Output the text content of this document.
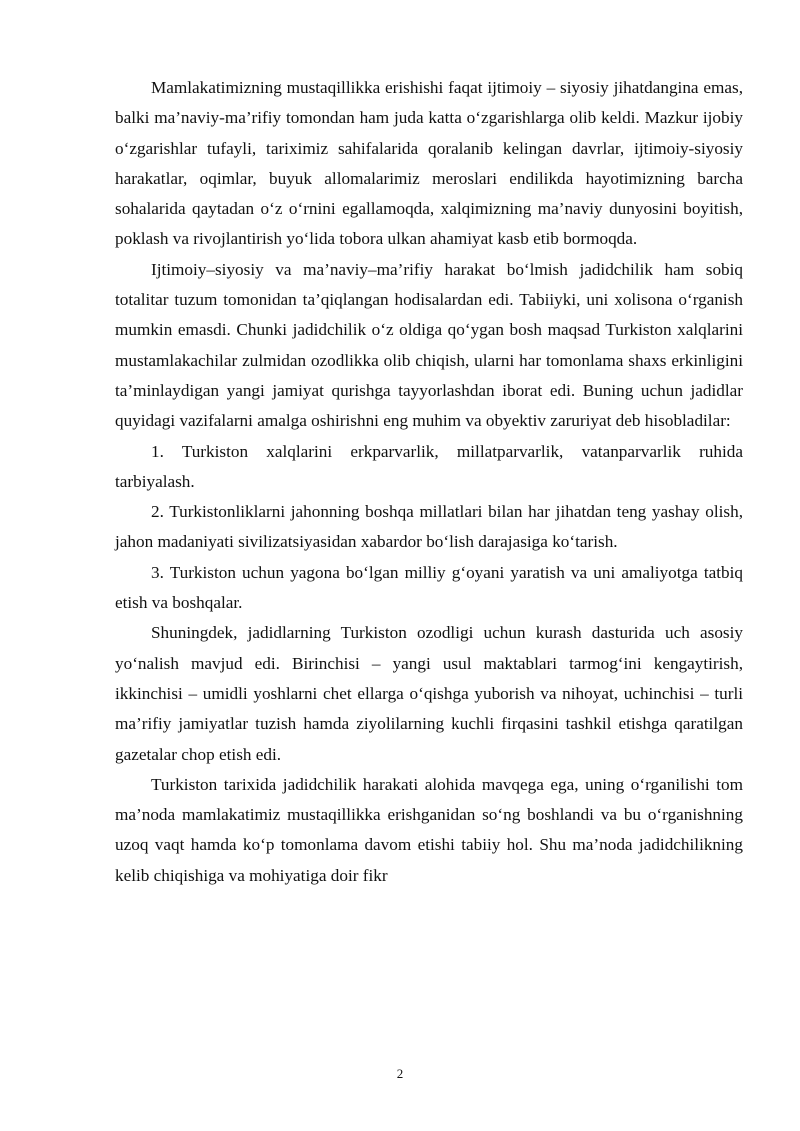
Mamlakatimizning mustaqillikka erishishi faqat ijtimoiy – siyosiy jihatdangina emas, balki ma’naviy-ma’rifiy tomondan ham juda katta o‘zgarishlarga olib keldi. Mazkur ijobiy o‘zgarishlar tufayli, tariximiz sahifalarida qoralanib kelingan davrlar, ijtimoiy-siyosiy harakatlar, oqimlar, buyuk allomalarimiz meroslari endilikda hayotimizning barcha sohalarida qaytadan o‘z o‘rnini egallamoqda, xalqimizning ma’naviy dunyosini boyitish, poklash va rivojlantirish yo‘lida tobora ulkan ahamiyat kasb etib bormoqda.

Ijtimoiy–siyosiy va ma’naviy–ma’rifiy harakat bo‘lmish jadidchilik ham sobiq totalitar tuzum tomonidan ta’qiqlangan hodisalardan edi. Tabiiyki, uni xolisona o‘rganish mumkin emasdi. Chunki jadidchilik o‘z oldiga qo‘ygan bosh maqsad Turkiston xalqlarini mustamlakachilar zulmidan ozodlikka olib chiqish, ularni har tomonlama shaxs erkinligini ta’minlaydigan yangi jamiyat qurishga tayyorlashdan iborat edi. Buning uchun jadidlar quyidagi vazifalarni amalga oshirishni eng muhim va obyektiv zaruriyat deb hisobladilar:

1. Turkiston xalqlarini erkparvarlik, millatparvarlik, vatanparvarlik ruhida tarbiyalash.

2. Turkistonliklarni jahonning boshqa millatlari bilan har jihatdan teng yashay olish, jahon madaniyati sivilizatsiyasidan xabardor bo‘lish darajasiga ko‘tarish.

3. Turkiston uchun yagona bo‘lgan milliy g‘oyani yaratish va uni amaliyotga tatbiq etish va boshqalar.

Shuningdek, jadidlarning Turkiston ozodligi uchun kurash dasturida uch asosiy yo‘nalish mavjud edi. Birinchisi – yangi usul maktablari tarmog‘ini kengaytirish, ikkinchisi – umidli yoshlarni chet ellarga o‘qishga yuborish va nihoyat, uchinchisi – turli ma’rifiy jamiyatlar tuzish hamda ziyolilarning kuchli firqasini tashkil etishga qaratilgan gazetalar chop etish edi.

Turkiston tarixida jadidchilik harakati alohida mavqega ega, uning o‘rganilishi tom ma’noda mamlakatimiz mustaqillikka erishganidan so‘ng boshlandi va bu o‘rganishning uzoq vaqt hamda ko‘p tomonlama davom etishi tabiiy hol. Shu ma’noda jadidchilikning kelib chiqishiga va mohiyatiga doir fikr

2
